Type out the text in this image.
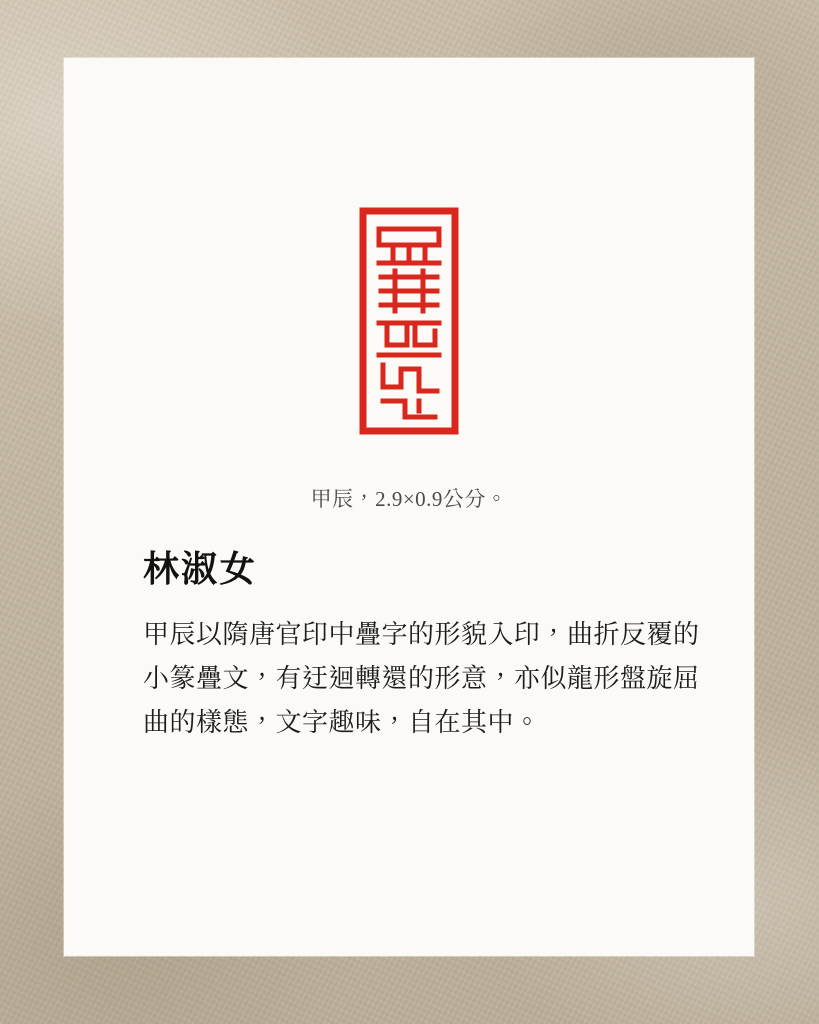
甲辰，2.9×0.9公分。
林淑女
甲辰以隋唐官印中疊字的形貌入印，曲折反覆的小篆疊文，有迂迴轉還的形意，亦似龍形盤旋屈曲的樣態，文字趣味，自在其中。
